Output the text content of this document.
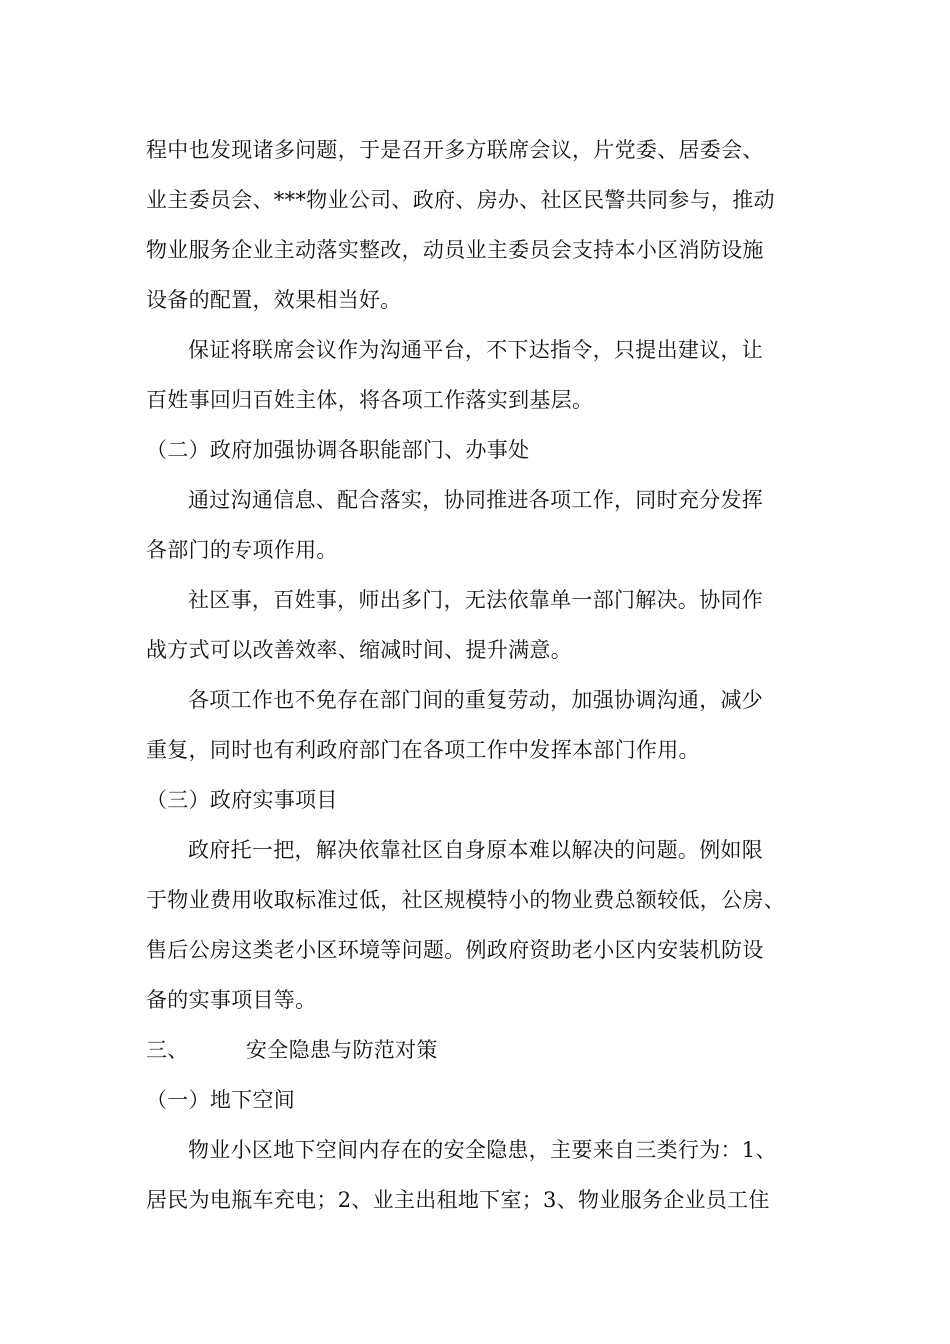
程中也发现诸多问题，于是召开多方联席会议，片党委、居委会、
业主委员会、***物业公司、政府、房办、社区民警共同参与，推动
物业服务企业主动落实整改，动员业主委员会支持本小区消防设施
设备的配置，效果相当好。
保证将联席会议作为沟通平台，不下达指令，只提出建议，让
百姓事回归百姓主体，将各项工作落实到基层。
（二）政府加强协调各职能部门、办事处
通过沟通信息、配合落实，协同推进各项工作，同时充分发挥
各部门的专项作用。
社区事，百姓事，师出多门，无法依靠单一部门解决。协同作
战方式可以改善效率、缩减时间、提升满意。
各项工作也不免存在部门间的重复劳动，加强协调沟通，减少
重复，同时也有利政府部门在各项工作中发挥本部门作用。
（三）政府实事项目
政府托一把，解决依靠社区自身原本难以解决的问题。例如限
于物业费用收取标准过低，社区规模特小的物业费总额较低，公房、
售后公房这类老小区环境等问题。例政府资助老小区内安装机防设
备的实事项目等。
三、	安全隐患与防范对策
（一）地下空间
物业小区地下空间内存在的安全隐患，主要来自三类行为：1、
居民为电瓶车充电；2、业主出租地下室；3、物业服务企业员工住
